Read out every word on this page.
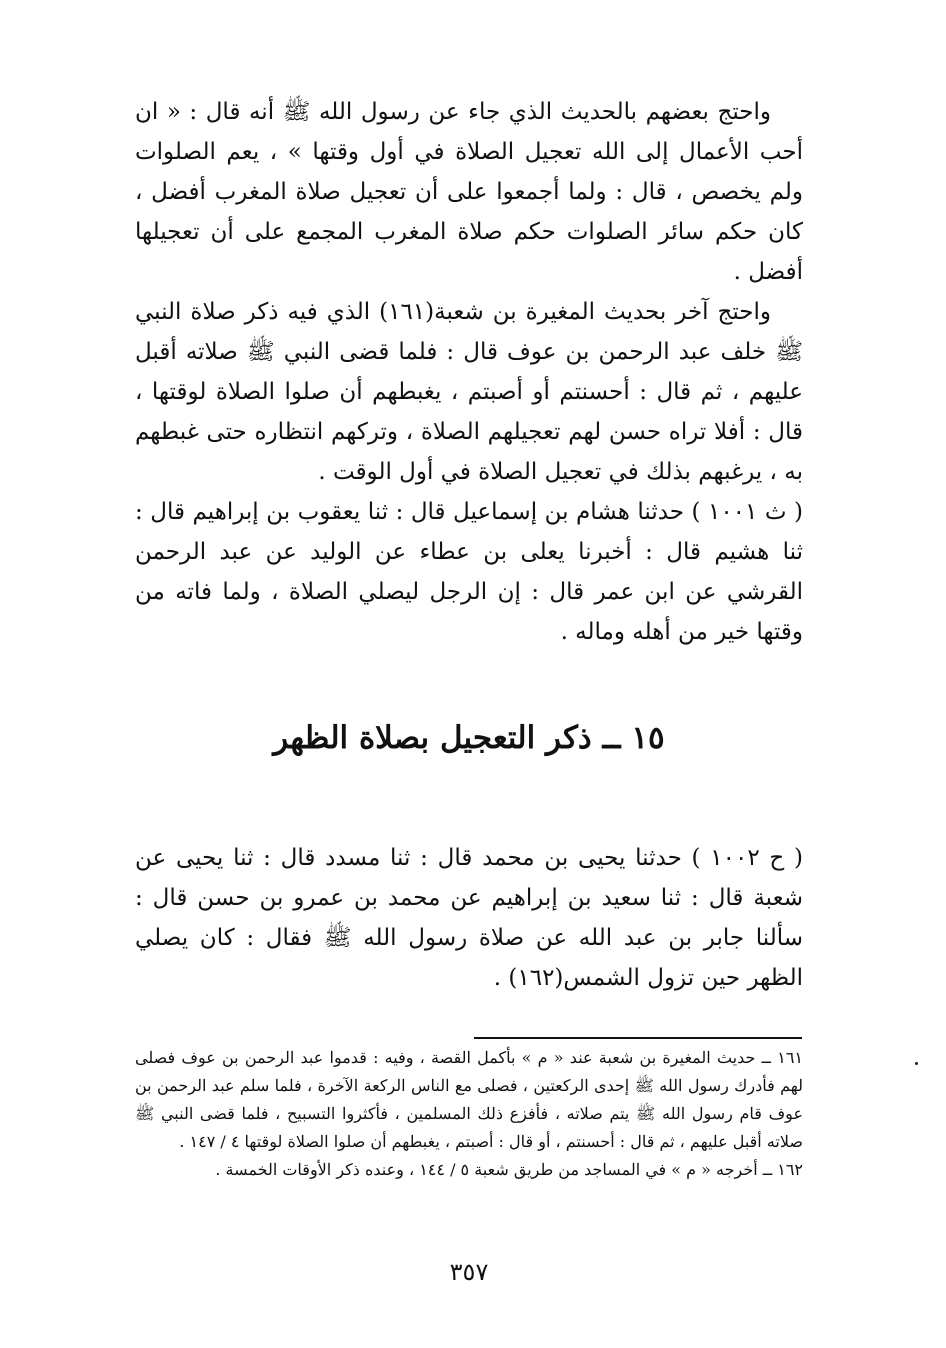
واحتج بعضهم بالحديث الذي جاء عن رسول الله ﷺ أنه قال : « ان أحب الأعمال إلى الله تعجيل الصلاة في أول وقتها » ، يعم الصلوات ولم يخصص ، قال : ولما أجمعوا على أن تعجيل صلاة المغرب أفضل ، كان حكم سائر الصلوات حكم صلاة المغرب المجمع على أن تعجيلها أفضل .

واحتج آخر بحديث المغيرة بن شعبة(١٦١) الذي فيه ذكر صلاة النبي ﷺ خلف عبد الرحمن بن عوف قال : فلما قضى النبي ﷺ صلاته أقبل عليهم ، ثم قال : أحسنتم أو أصبتم ، يغبطهم أن صلوا الصلاة لوقتها ، قال : أفلا تراه حسن لهم تعجيلهم الصلاة ، وتركهم انتظاره حتى غبطهم به ، يرغبهم بذلك في تعجيل الصلاة في أول الوقت .

( ث ١٠٠١ ) حدثنا هشام بن إسماعيل قال : ثنا يعقوب بن إبراهيم قال : ثنا هشيم قال : أخبرنا يعلى بن عطاء عن الوليد عن عبد الرحمن القرشي عن ابن عمر قال : إن الرجل ليصلي الصلاة ، ولما فاته من وقتها خير من أهله وماله .

١٥ ــ ذكر التعجيل بصلاة الظهر

( ح ١٠٠٢ ) حدثنا يحيى بن محمد قال : ثنا مسدد قال : ثنا يحيى عن شعبة قال : ثنا سعيد بن إبراهيم عن محمد بن عمرو بن حسن قال : سألنا جابر بن عبد الله عن صلاة رسول الله ﷺ فقال : كان يصلي الظهر حين تزول الشمس(١٦٢) .

١٦١ ــ حديث المغيرة بن شعبة عند « م » بأكمل القصة ، وفيه : قدموا عبد الرحمن بن عوف فصلى لهم فأدرك رسول الله ﷺ إحدى الركعتين ، فصلى مع الناس الركعة الآخرة ، فلما سلم عبد الرحمن بن عوف قام رسول الله ﷺ يتم صلاته ، فأفزع ذلك المسلمين ، فأكثروا التسبيح ، فلما قضى النبي ﷺ صلاته أقبل عليهم ، ثم قال : أحسنتم ، أو قال : أصبتم ، يغبطهم أن صلوا الصلاة لوقتها ٤ / ١٤٧ .

١٦٢ ــ أخرجه « م » في المساجد من طريق شعبة ٥ / ١٤٤ ، وعنده ذكر الأوقات الخمسة .

٣٥٧
